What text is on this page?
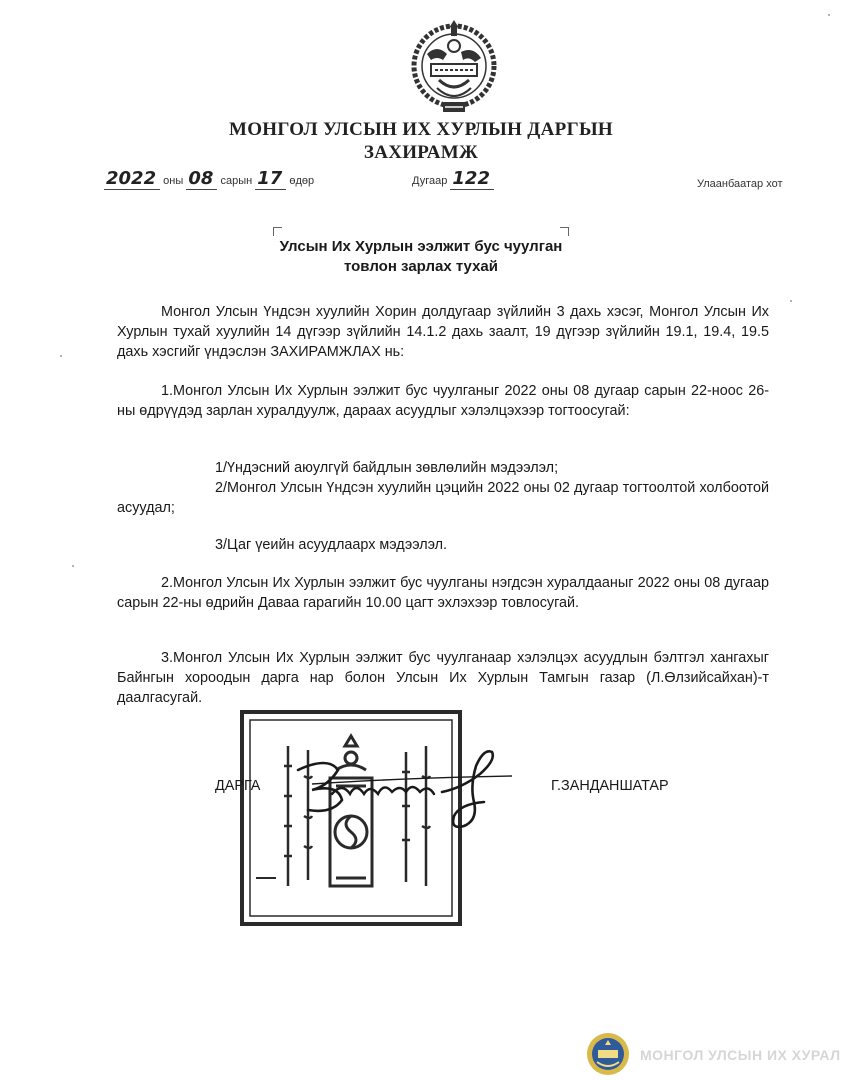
МОНГОЛ УЛСЫН ИХ ХУРЛЫН ДАРГЫН
ЗАХИРАМЖ
2022 оны 08 сарын 17 өдөр	Дугаар 122	Улаанбаатар хот
Улсын Их Хурлын ээлжит бус чуулган
товлон зарлах тухай

Монгол Улсын Үндсэн хуулийн Хорин долдугаар зүйлийн 3 дахь хэсэг, Монгол Улсын Их Хурлын тухай хуулийн 14 дүгээр зүйлийн 14.1.2 дахь заалт, 19 дүгээр зүйлийн 19.1, 19.4, 19.5 дахь хэсгийг үндэслэн ЗАХИРАМЖЛАХ нь:

1.Монгол Улсын Их Хурлын ээлжит бус чуулганыг 2022 оны 08 дугаар сарын 22-ноос 26-ны өдрүүдэд зарлан хуралдуулж, дараах асуудлыг хэлэлцэхээр тогтоосугай:

1/Үндэсний аюулгүй байдлын зөвлөлийн мэдээлэл;

2/Монгол Улсын Үндсэн хуулийн цэцийн 2022 оны 02 дугаар тогтоолтой холбоотой асуудал;

3/Цаг үеийн асуудлаарх мэдээлэл.

2.Монгол Улсын Их Хурлын ээлжит бус чуулганы нэгдсэн хуралдааныг 2022 оны 08 дугаар сарын 22-ны өдрийн Даваа гарагийн 10.00 цагт эхлэхээр товлосугай.

3.Монгол Улсын Их Хурлын ээлжит бус чуулганаар хэлэлцэх асуудлын бэлтгэл хангахыг Байнгын хороодын дарга нар болон Улсын Их Хурлын Тамгын газар (Л.Өлзийсайхан)-т даалгасугай.

ДАРГА	Г.ЗАНДАНШАТАР
МОНГОЛ УЛСЫН ИХ ХУРАЛ
